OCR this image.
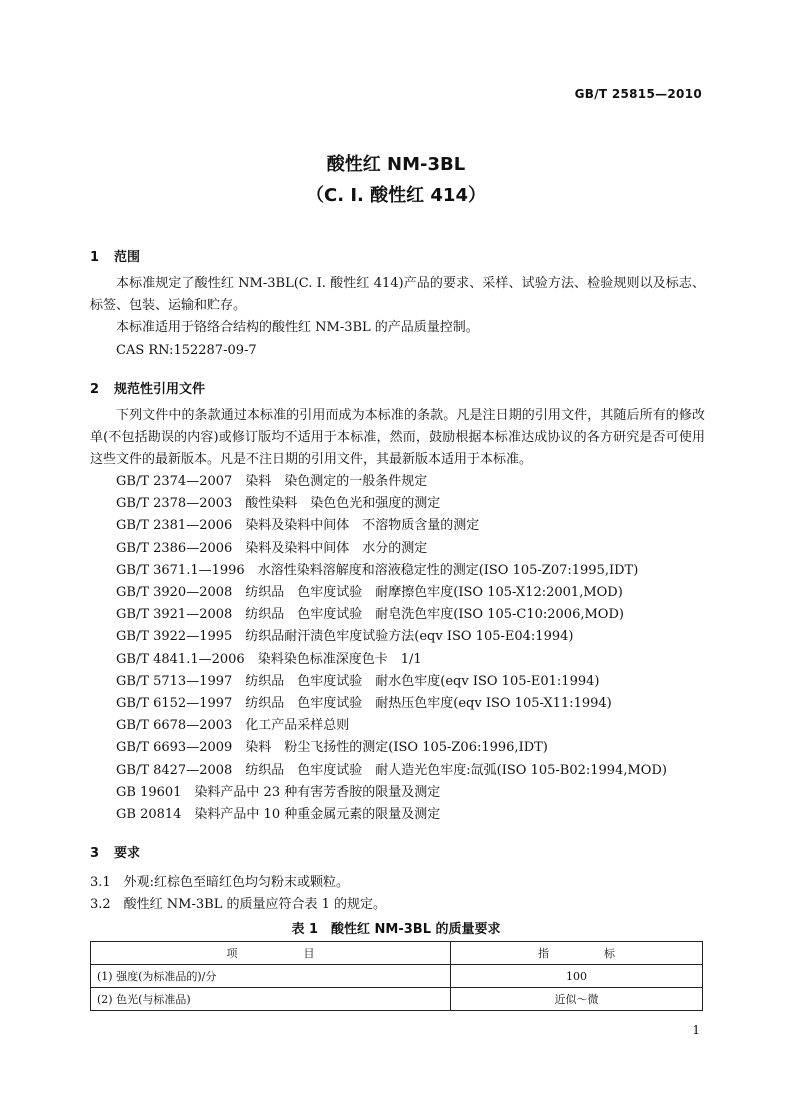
GB/T 25815—2010
酸性红 NM-3BL
（C. I. 酸性红 414）
1 范围
本标准规定了酸性红 NM-3BL(C. I. 酸性红 414)产品的要求、采样、试验方法、检验规则以及标志、标签、包装、运输和贮存。
本标准适用于铬络合结构的酸性红 NM-3BL 的产品质量控制。
CAS RN:152287-09-7
2 规范性引用文件
下列文件中的条款通过本标准的引用而成为本标准的条款。凡是注日期的引用文件，其随后所有的修改单(不包括勘误的内容)或修订版均不适用于本标准，然而，鼓励根据本标准达成协议的各方研究是否可使用这些文件的最新版本。凡是不注日期的引用文件，其最新版本适用于本标准。
GB/T 2374—2007　染料　染色测定的一般条件规定
GB/T 2378—2003　酸性染料　染色色光和强度的测定
GB/T 2381—2006　染料及染料中间体　不溶物质含量的测定
GB/T 2386—2006　染料及染料中间体　水分的测定
GB/T 3671.1—1996　水溶性染料溶解度和溶液稳定性的测定(ISO 105-Z07:1995,IDT)
GB/T 3920—2008　纺织品　色牢度试验　耐摩擦色牢度(ISO 105-X12:2001,MOD)
GB/T 3921—2008　纺织品　色牢度试验　耐皂洗色牢度(ISO 105-C10:2006,MOD)
GB/T 3922—1995　纺织品耐汗渍色牢度试验方法(eqv ISO 105-E04:1994)
GB/T 4841.1—2006　染料染色标准深度色卡　1/1
GB/T 5713—1997　纺织品　色牢度试验　耐水色牢度(eqv ISO 105-E01:1994)
GB/T 6152—1997　纺织品　色牢度试验　耐热压色牢度(eqv ISO 105-X11:1994)
GB/T 6678—2003　化工产品采样总则
GB/T 6693—2009　染料　粉尘飞扬性的测定(ISO 105-Z06:1996,IDT)
GB/T 8427—2008　纺织品　色牢度试验　耐人造光色牢度:氙弧(ISO 105-B02:1994,MOD)
GB 19601　染料产品中 23 种有害芳香胺的限量及测定
GB 20814　染料产品中 10 种重金属元素的限量及测定
3 要求
3.1　外观:红棕色至暗红色均匀粉末或颗粒。
3.2　酸性红 NM-3BL 的质量应符合表 1 的规定。
表 1　酸性红 NM-3BL 的质量要求
项　　　　　　目	指　　　　　标
(1) 强度(为标准品的)/分	100
(2) 色光(与标准品)	近似～微
1
